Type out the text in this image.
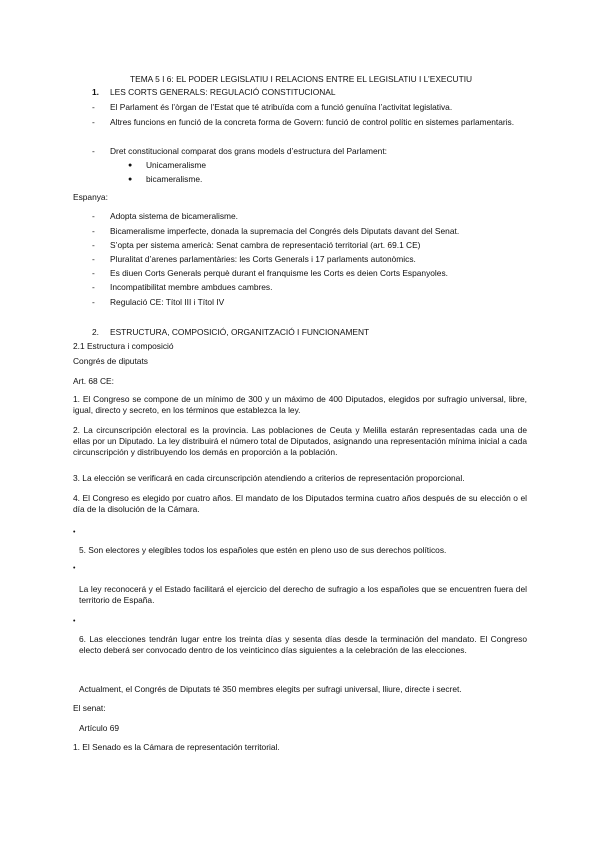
TEMA 5 I 6: EL PODER LEGISLATIU I RELACIONS ENTRE EL LEGISLATIU I L’EXECUTIU
1. LES CORTS GENERALS: REGULACIÓ CONSTITUCIONAL
- El Parlament és l’òrgan de l’Estat que té atribuïda com a funció genuïna l’activitat legislativa.
- Altres funcions en funció de la concreta forma de Govern: funció de control polític en sistemes parlamentaris.
- Dret constitucional comparat dos grans models d’estructura del Parlament:
● Unicameralisme
● bicameralisme.
Espanya:
- Adopta sistema de bicameralisme.
- Bicameralisme imperfecte, donada la supremacia del Congrés dels Diputats davant del Senat.
- S’opta per sistema americà: Senat cambra de representació territorial (art. 69.1 CE)
- Pluralitat d’arenes parlamentàries: les Corts Generals i 17 parlaments autonòmics.
- Es diuen Corts Generals perquè durant el franquisme les Corts es deien Corts Espanyoles.
- Incompatibilitat membre ambdues cambres.
- Regulació CE: Títol III i Títol IV
2. ESTRUCTURA, COMPOSICIÓ, ORGANITZACIÓ I FUNCIONAMENT
2.1 Estructura i composició
Congrés de diputats
Art. 68 CE:
1. El Congreso se compone de un mínimo de 300 y un máximo de 400 Diputados, elegidos por sufragio universal, libre, igual, directo y secreto, en los términos que establezca la ley.
2. La circunscripción electoral es la provincia. Las poblaciones de Ceuta y Melilla estarán representadas cada una de ellas por un Diputado. La ley distribuirá el número total de Diputados, asignando una representación mínima inicial a cada circunscripción y distribuyendo los demás en proporción a la población.
3. La elección se verificará en cada circunscripción atendiendo a criterios de representación proporcional.
4. El Congreso es elegido por cuatro años. El mandato de los Diputados termina cuatro años después de su elección o el día de la disolución de la Cámara.
•
5. Son electores y elegibles todos los españoles que estén en pleno uso de sus derechos políticos.
•
La ley reconocerá y el Estado facilitará el ejercicio del derecho de sufragio a los españoles que se encuentren fuera del territorio de España.
•
6. Las elecciones tendrán lugar entre los treinta días y sesenta días desde la terminación del mandato. El Congreso electo deberá ser convocado dentro de los veinticinco días siguientes a la celebración de las elecciones.
Actualment, el Congrés de Diputats té 350 membres elegits per sufragi universal, lliure, directe i secret.
El senat:
Artículo 69
1. El Senado es la Cámara de representación territorial.
